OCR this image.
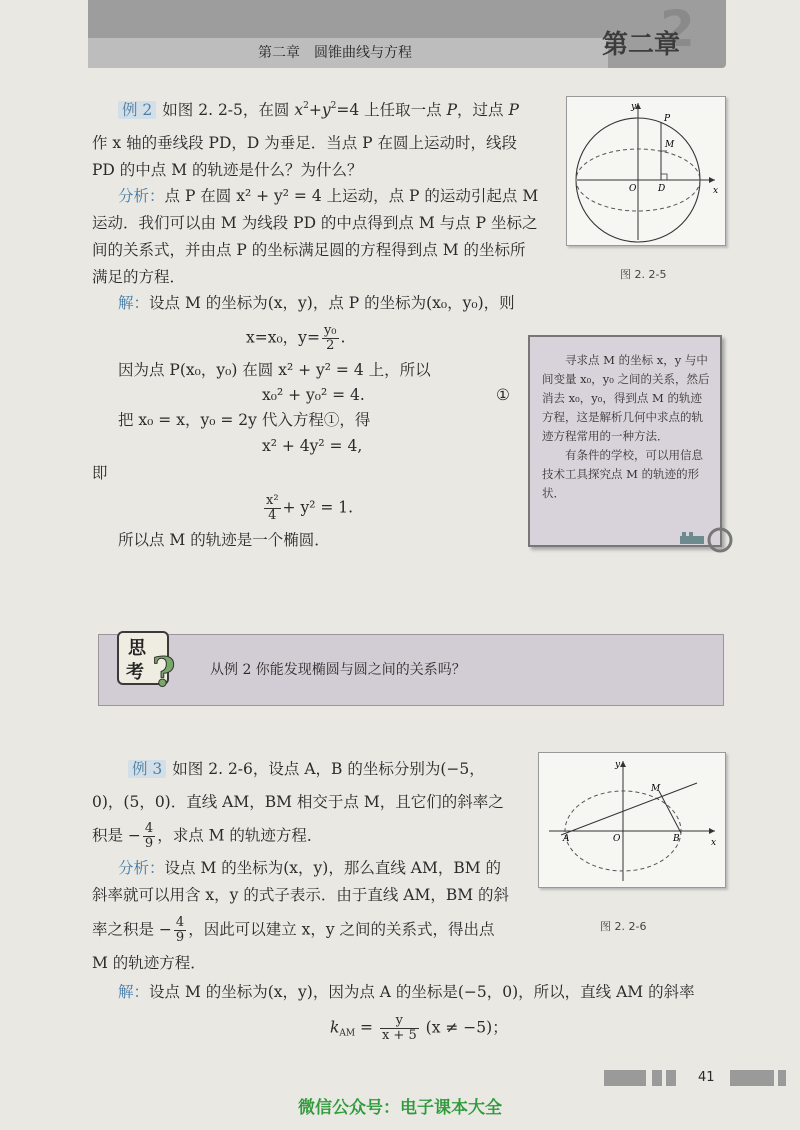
2
第二章　圆锥曲线与方程	第二章
例 2 如图 2. 2-5，在圆 $x^2+y^2=4$ 上任取一点 P，过点 P
作 x 轴的垂线段 PD，D 为垂足．当点 P 在圆上运动时，线段
PD 的中点 M 的轨迹是什么？为什么？
分析：点 P 在圆 x² + y² = 4 上运动，点 P 的运动引起点 M
运动．我们可以由 M 为线段 PD 的中点得到点 M 与点 P 坐标之
间的关系式，并由点 P 的坐标满足圆的方程得到点 M 的坐标所
满足的方程．
解：设点 M 的坐标为(x，y)，点 P 的坐标为(x₀，y₀)，则
x=x₀，$y= \frac{\text{y₀}}{2}$ .
因为点 P(x₀，y₀) 在圆 x² + y² = 4 上，所以
x₀² + y₀² = 4.	①
把 x₀ = x，y₀ = 2y 代入方程①，得
x² + 4y² = 4,
即
$\frac{\text{x²}}{4} + y^2 = 1$.
所以点 M 的轨迹是一个椭圆．
y
x
P
M
O D
图 2. 2-5

寻求点 M 的坐标 x，y 与中间变量 x₀，y₀ 之间的关系，然后消去 x₀，y₀，得到点 M 的轨迹方程，这是解析几何中求点的轨迹方程常用的一种方法．

有条件的学校，可以用信息技术工具探究点 M 的轨迹的形状．

思
考 ? 从例 2 你能发现椭圆与圆之间的关系吗？
例 3 如图 2. 2-6，设点 A，B 的坐标分别为(−5，
0)，(5，0)．直线 AM，BM 相交于点 M，且它们的斜率之
积是 − $\frac{4}{9}$ ，求点 M 的轨迹方程．
分析：设点 M 的坐标为(x，y)，那么直线 AM，BM 的
斜率就可以用含 x，y 的式子表示．由于直线 AM，BM 的斜
率之积是 − $\frac{4}{9}$ ，因此可以建立 x，y 之间的关系式，得出点
M 的轨迹方程．
解：设点 M 的坐标为(x，y)，因为点 A 的坐标是(−5，0)，所以，直线 AM 的斜率
$k_{AM} = \frac{y}{x + 5} (x \ne -5)$；
y
x
A	O	B
M
图 2. 2-6
41
微信公众号：电子课本大全
